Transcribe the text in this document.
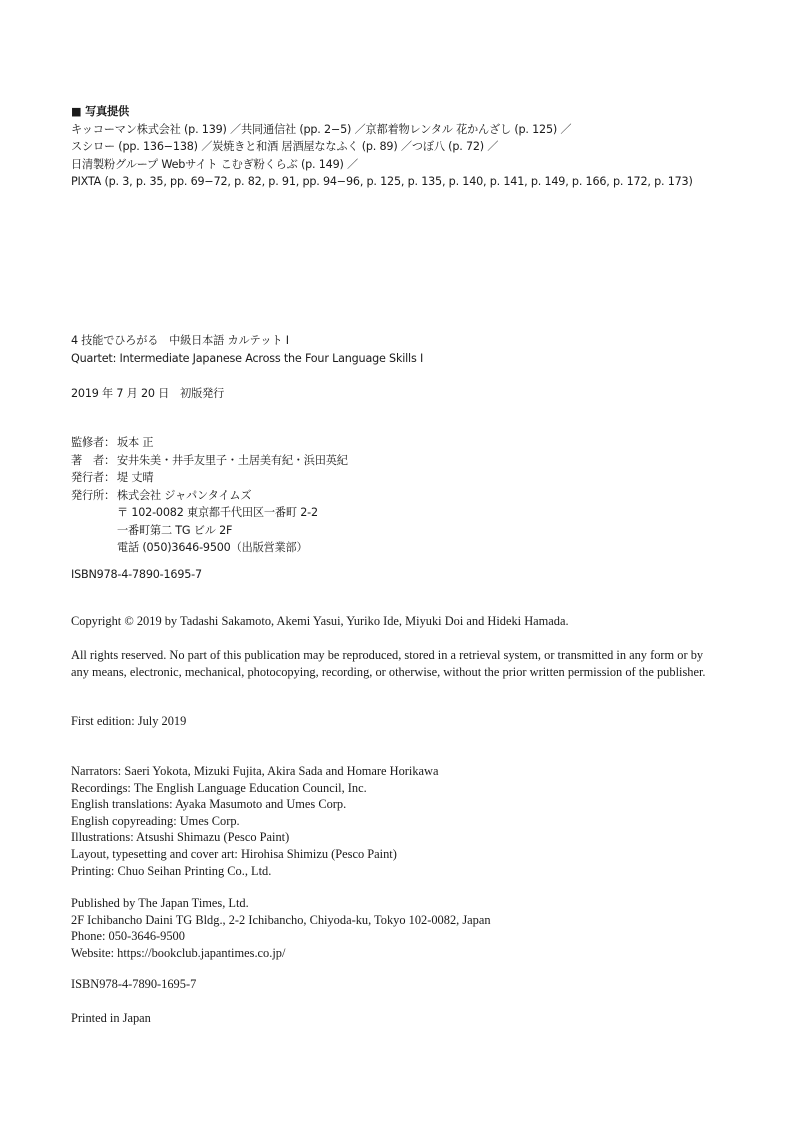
■ 写真提供
キッコーマン株式会社 (p. 139) ／共同通信社 (pp. 2−5) ／京都着物レンタル 花かんざし (p. 125) ／
スシロー (pp. 136−138) ／炭焼きと和酒 居酒屋ななふく (p. 89) ／つぼ八 (p. 72) ／
日清製粉グループ Webサイト こむぎ粉くらぶ (p. 149) ／
PIXTA (p. 3, p. 35, pp. 69−72, p. 82, p. 91, pp. 94−96, p. 125, p. 135, p. 140, p. 141, p. 149, p. 166, p. 172, p. 173)
4 技能でひろがる　中級日本語 カルテット Ⅰ
Quartet: Intermediate Japanese Across the Four Language Skills I
2019 年 7 月 20 日　初版発行
監修者： 坂本 正
著　者： 安井朱美・井手友里子・土居美有紀・浜田英紀
発行者： 堤 丈晴
発行所： 株式会社 ジャパンタイムズ
〒 102-0082 東京都千代田区一番町 2-2
一番町第二 TG ビル 2F
電話 (050)3646-9500（出版営業部）
ISBN978-4-7890-1695-7
Copyright © 2019 by Tadashi Sakamoto, Akemi Yasui, Yuriko Ide, Miyuki Doi and Hideki Hamada.

All rights reserved. No part of this publication may be reproduced, stored in a retrieval system, or transmitted in any form or by any means, electronic, mechanical, photocopying, recording, or otherwise, without the prior written permission of the publisher.

First edition: July 2019
Narrators: Saeri Yokota, Mizuki Fujita, Akira Sada and Homare Horikawa
Recordings: The English Language Education Council, Inc.
English translations: Ayaka Masumoto and Umes Corp.
English copyreading: Umes Corp.
Illustrations: Atsushi Shimazu (Pesco Paint)
Layout, typesetting and cover art: Hirohisa Shimizu (Pesco Paint)
Printing: Chuo Seihan Printing Co., Ltd.
Published by The Japan Times, Ltd.
2F Ichibancho Daini TG Bldg., 2-2 Ichibancho, Chiyoda-ku, Tokyo 102-0082, Japan
Phone: 050-3646-9500
Website: https://bookclub.japantimes.co.jp/
ISBN978-4-7890-1695-7
Printed in Japan
